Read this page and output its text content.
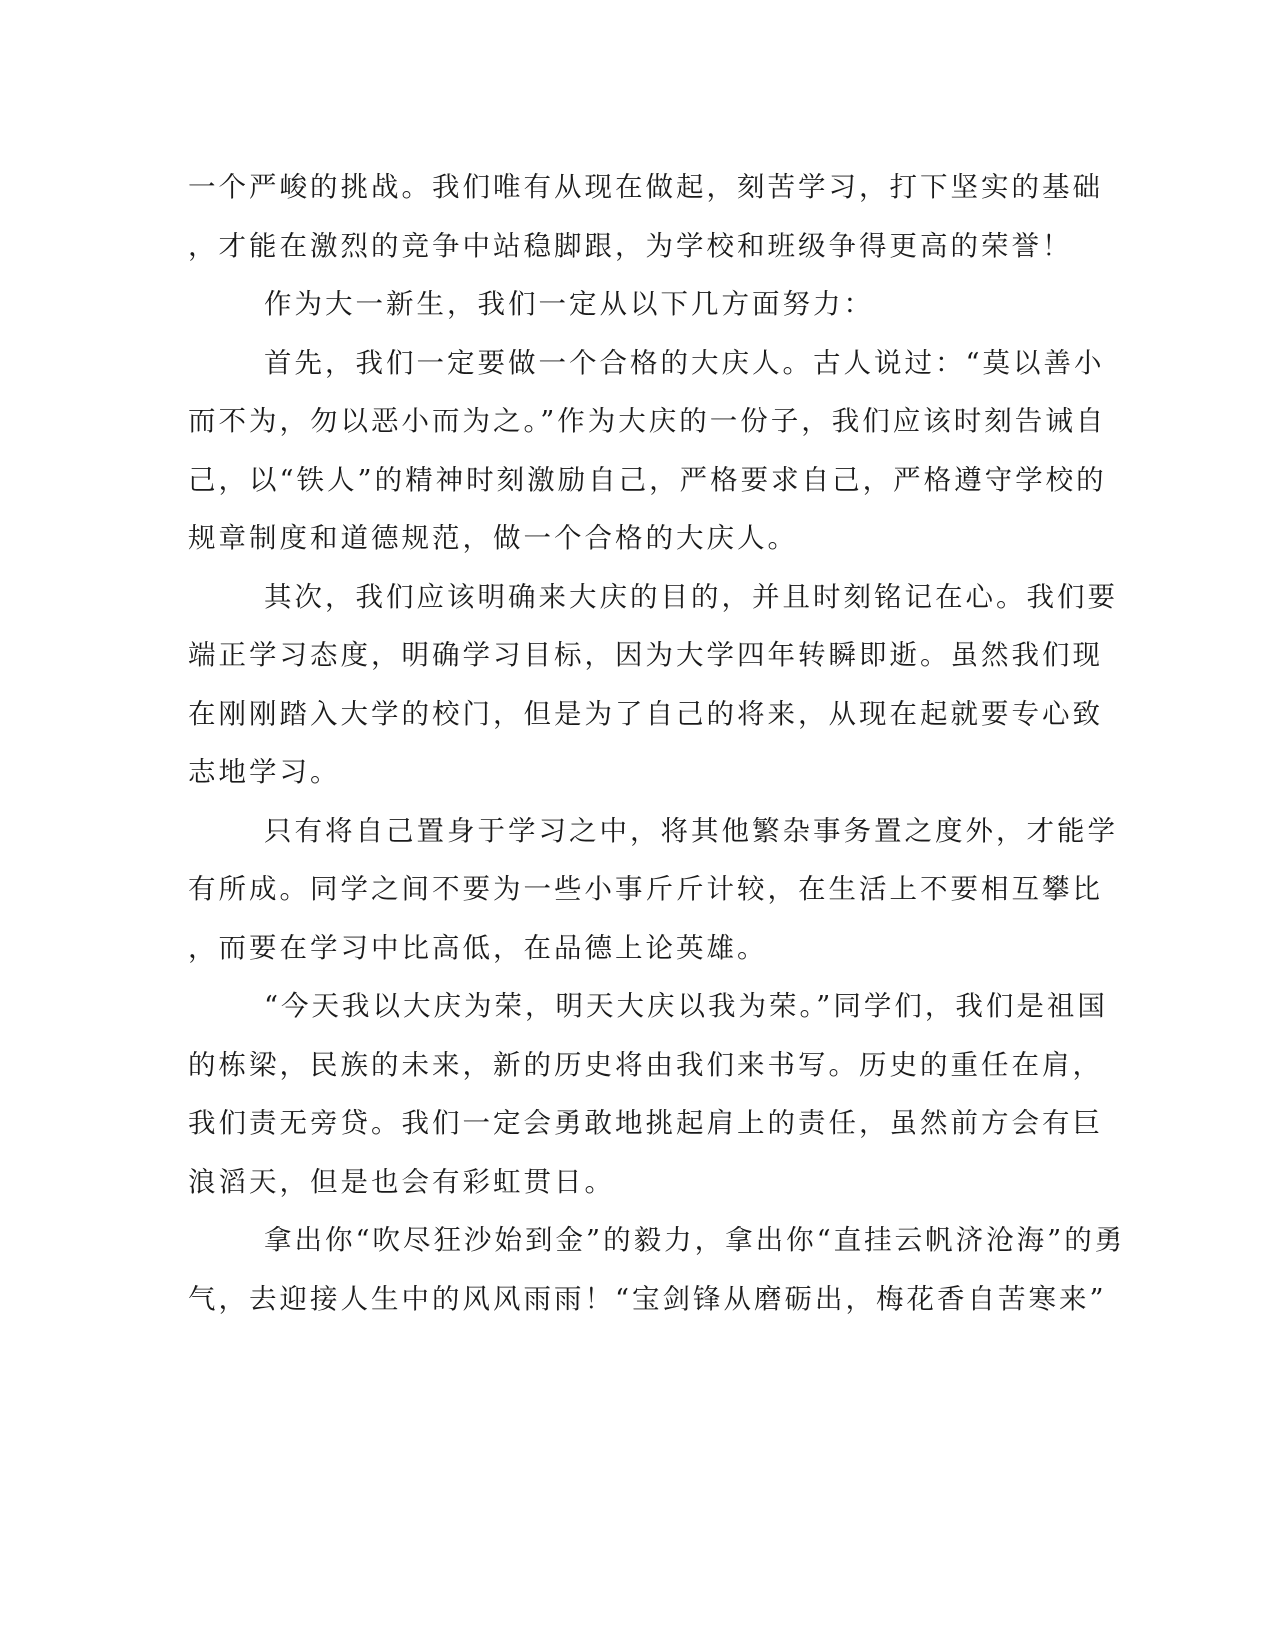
一个严峻的挑战。我们唯有从现在做起，刻苦学习，打下坚实的基础
，才能在激烈的竞争中站稳脚跟，为学校和班级争得更高的荣誉！
作为大一新生，我们一定从以下几方面努力：
首先，我们一定要做一个合格的大庆人。古人说过：“莫以善小
而不为，勿以恶小而为之。”作为大庆的一份子，我们应该时刻告诫自
己，以“铁人”的精神时刻激励自己，严格要求自己，严格遵守学校的
规章制度和道德规范，做一个合格的大庆人。
其次，我们应该明确来大庆的目的，并且时刻铭记在心。我们要
端正学习态度，明确学习目标，因为大学四年转瞬即逝。虽然我们现
在刚刚踏入大学的校门，但是为了自己的将来，从现在起就要专心致
志地学习。
只有将自己置身于学习之中，将其他繁杂事务置之度外，才能学
有所成。同学之间不要为一些小事斤斤计较，在生活上不要相互攀比
，而要在学习中比高低，在品德上论英雄。
“今天我以大庆为荣，明天大庆以我为荣。”同学们，我们是祖国
的栋梁，民族的未来，新的历史将由我们来书写。历史的重任在肩，
我们责无旁贷。我们一定会勇敢地挑起肩上的责任，虽然前方会有巨
浪滔天，但是也会有彩虹贯日。
拿出你“吹尽狂沙始到金”的毅力，拿出你“直挂云帆济沧海”的勇
气，去迎接人生中的风风雨雨！“宝剑锋从磨砺出，梅花香自苦寒来”
